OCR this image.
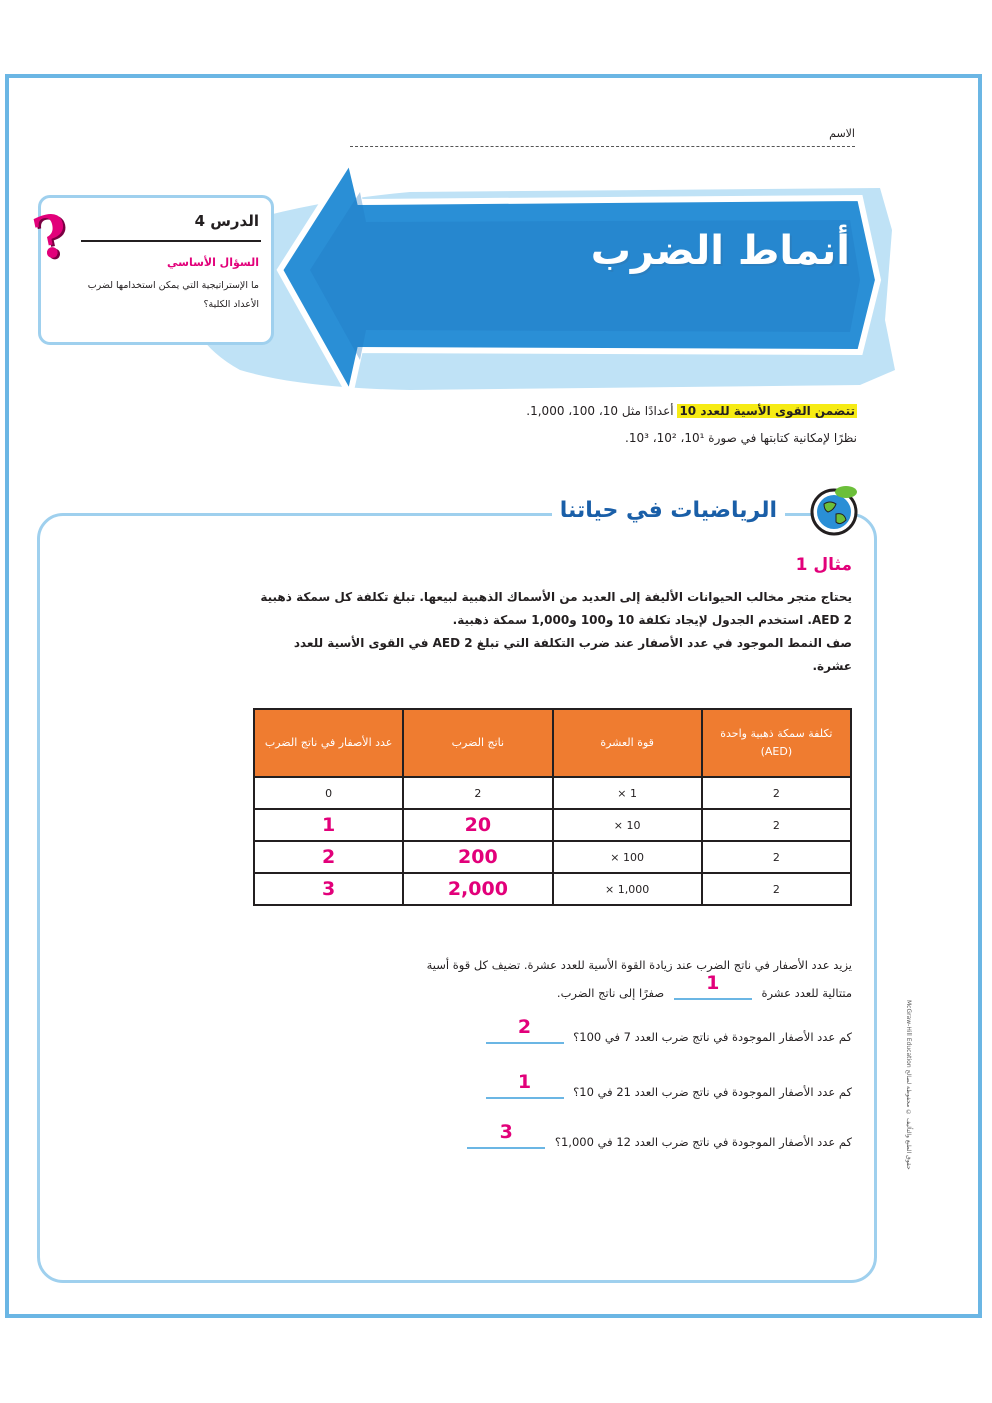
الاسم
أنماط الضرب
الدرس 4
السؤال الأساسي
ما الإستراتيجية التي يمكن استخدامها لضرب الأعداد الكلية؟
?
تتضمن القوى الأسية للعدد 10 أعدادًا مثل 10، 100، 1,000.
نظرًا لإمكانية كتابتها في صورة 10¹، 10²، 10³.
الرياضيات في حياتنا
مثال 1
يحتاج متجر مخالب الحيوانات الأليفة إلى العديد من الأسماك الذهبية لبيعها. تبلغ تكلفة كل سمكة ذهبية 2 AED. استخدم الجدول لإيجاد تكلفة 10 و100 و1,000 سمكة ذهبية.
صف النمط الموجود في عدد الأصفار عند ضرب التكلفة التي تبلغ 2 AED في القوى الأسية للعدد عشرة.
تكلفة سمكة ذهبية واحدة (AED)	قوة العشرة	ناتج الضرب	عدد الأصفار في ناتج الضرب
2	1 ×	2	0
2	10 ×	20	1
2	100 ×	200	2
2	1,000 ×	2,000	3
يزيد عدد الأصفار في ناتج الضرب عند زيادة القوة الأسية للعدد عشرة. تضيف كل قوة أسية
متتالية للعدد عشرة
1
صفرًا إلى ناتج الضرب.
كم عدد الأصفار الموجودة في ناتج ضرب العدد 7 في 100؟
2
كم عدد الأصفار الموجودة في ناتج ضرب العدد 21 في 10؟
1
كم عدد الأصفار الموجودة في ناتج ضرب العدد 12 في 1,000؟
3
McGraw-Hill Education حقوق الطبع والتأليف © محفوظة لصالح
